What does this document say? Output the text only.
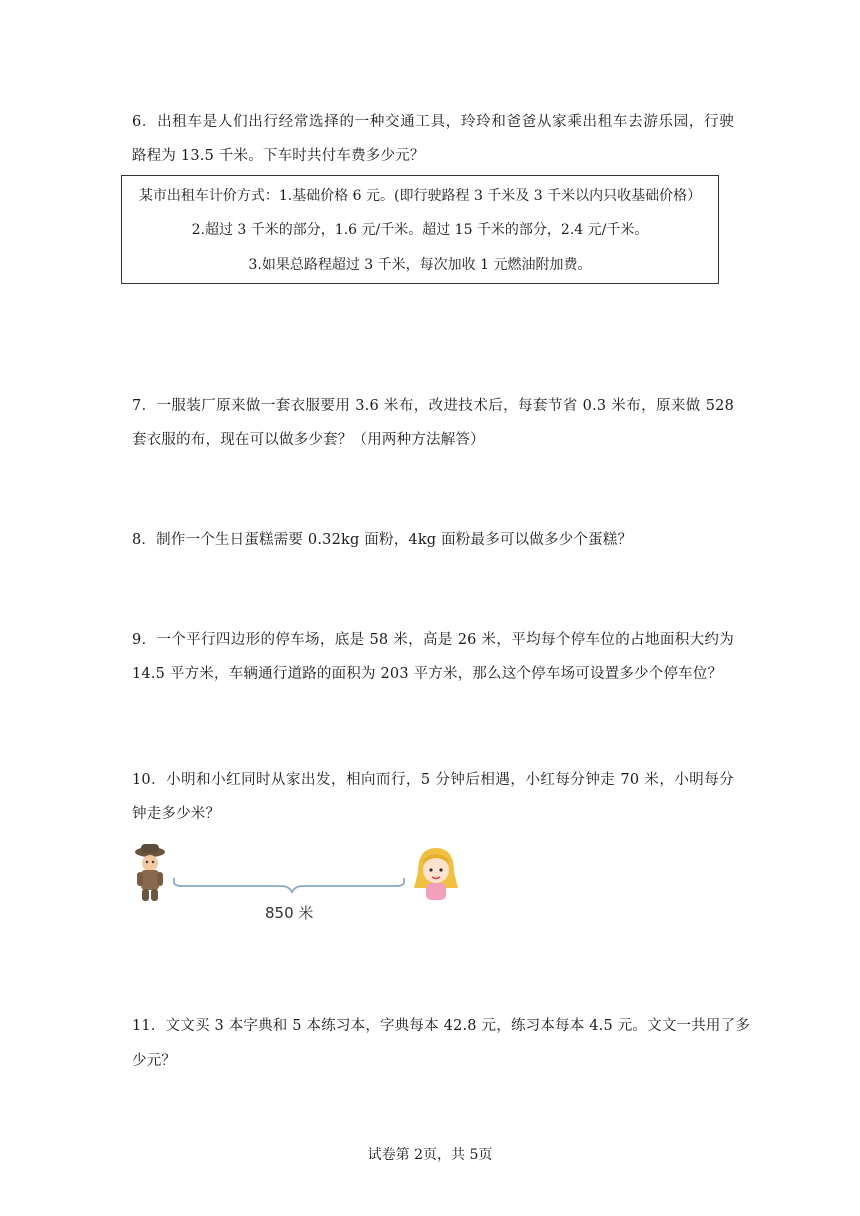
6．出租车是人们出行经常选择的一种交通工具，玲玲和爸爸从家乘出租车去游乐园，行驶
路程为 13.5 千米。下车时共付车费多少元？
某市出租车计价方式：1.基础价格 6 元。(即行驶路程 3 千米及 3 千米以内只收基础价格）
2.超过 3 千米的部分，1.6 元/千米。超过 15 千米的部分，2.4 元/千米。
3.如果总路程超过 3 千米，每次加收 1 元燃油附加费。
7．一服装厂原来做一套衣服要用 3.6 米布，改进技术后，每套节省 0.3 米布，原来做 528
套衣服的布，现在可以做多少套？（用两种方法解答）
8．制作一个生日蛋糕需要 0.32kg 面粉，4kg 面粉最多可以做多少个蛋糕？
9．一个平行四边形的停车场，底是 58 米，高是 26 米，平均每个停车位的占地面积大约为
14.5 平方米，车辆通行道路的面积为 203 平方米，那么这个停车场可设置多少个停车位？
10．小明和小红同时从家出发，相向而行，5 分钟后相遇，小红每分钟走 70 米，小明每分
钟走多少米？
850 米
11．文文买 3 本字典和 5 本练习本，字典每本 42.8 元，练习本每本 4.5 元。文文一共用了多
少元？
试卷第 2页，共 5页
